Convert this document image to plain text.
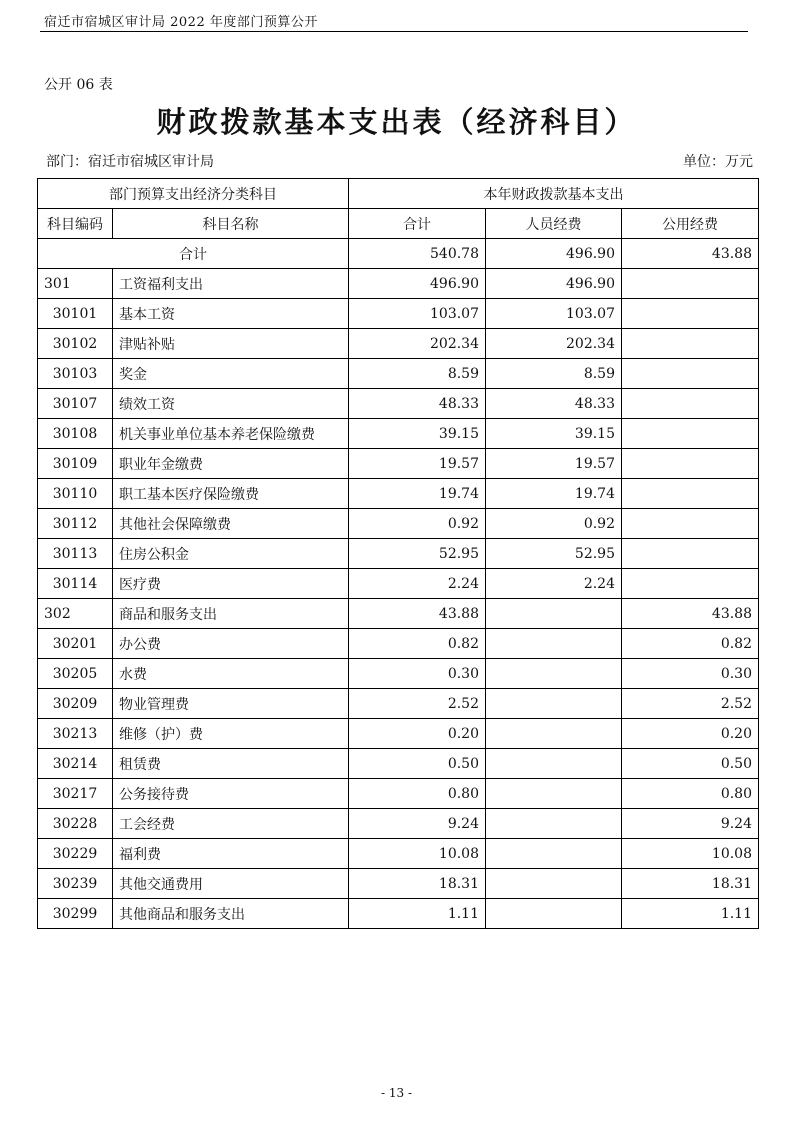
宿迁市宿城区审计局 2022 年度部门预算公开
公开 06 表
财政拨款基本支出表（经济科目）
部门：宿迁市宿城区审计局	单位：万元
部门预算支出经济分类科目		本年财政拨款基本支出		
科目编码	科目名称	合计	人员经费	公用经费
合计		540.78	496.90	43.88
301	工资福利支出	496.90	496.90	
30101	基本工资	103.07	103.07	
30102	津贴补贴	202.34	202.34	
30103	奖金	8.59	8.59	
30107	绩效工资	48.33	48.33	
30108	机关事业单位基本养老保险缴费	39.15	39.15	
30109	职业年金缴费	19.57	19.57	
30110	职工基本医疗保险缴费	19.74	19.74	
30112	其他社会保障缴费	0.92	0.92	
30113	住房公积金	52.95	52.95	
30114	医疗费	2.24	2.24	
302	商品和服务支出	43.88		43.88
30201	办公费	0.82		0.82
30205	水费	0.30		0.30
30209	物业管理费	2.52		2.52
30213	维修（护）费	0.20		0.20
30214	租赁费	0.50		0.50
30217	公务接待费	0.80		0.80
30228	工会经费	9.24		9.24
30229	福利费	10.08		10.08
30239	其他交通费用	18.31		18.31
30299	其他商品和服务支出	1.11		1.11
- 13 -
